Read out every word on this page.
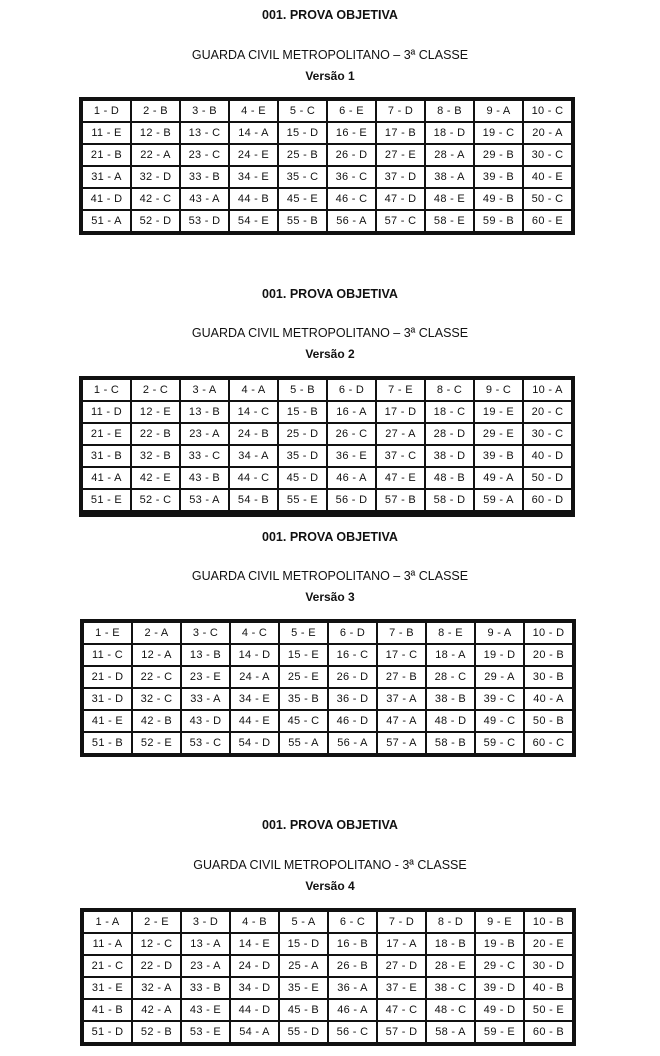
001. PROVA OBJETIVA
GUARDA CIVIL METROPOLITANO – 3ª CLASSE
Versão 1
1 - D	2 - B	3 - B	4 - E	5 - C	6 - E	7 - D	8 - B	9 - A	10 - C
11 - E	12 - B	13 - C	14 - A	15 - D	16 - E	17 - B	18 - D	19 - C	20 - A
21 - B	22 - A	23 - C	24 - E	25 - B	26 - D	27 - E	28 - A	29 - B	30 - C
31 - A	32 - D	33 - B	34 - E	35 - C	36 - C	37 - D	38 - A	39 - B	40 - E
41 - D	42 - C	43 - A	44 - B	45 - E	46 - C	47 - D	48 - E	49 - B	50 - C
51 - A	52 - D	53 - D	54 - E	55 - B	56 - A	57 - C	58 - E	59 - B	60 - E
001. PROVA OBJETIVA
GUARDA CIVIL METROPOLITANO – 3ª CLASSE
Versão 2
1 - C	2 - C	3 - A	4 - A	5 - B	6 - D	7 - E	8 - C	9 - C	10 - A
11 - D	12 - E	13 - B	14 - C	15 - B	16 - A	17 - D	18 - C	19 - E	20 - C
21 - E	22 - B	23 - A	24 - B	25 - D	26 - C	27 - A	28 - D	29 - E	30 - C
31 - B	32 - B	33 - C	34 - A	35 - D	36 - E	37 - C	38 - D	39 - B	40 - D
41 - A	42 - E	43 - B	44 - C	45 - D	46 - A	47 - E	48 - B	49 - A	50 - D
51 - E	52 - C	53 - A	54 - B	55 - E	56 - D	57 - B	58 - D	59 - A	60 - D
001. PROVA OBJETIVA
GUARDA CIVIL METROPOLITANO – 3ª CLASSE
Versão 3
1 - E	2 - A	3 - C	4 - C	5 - E	6 - D	7 - B	8 - E	9 - A	10 - D
11 - C	12 - A	13 - B	14 - D	15 - E	16 - C	17 - C	18 - A	19 - D	20 - B
21 - D	22 - C	23 - E	24 - A	25 - E	26 - D	27 - B	28 - C	29 - A	30 - B
31 - D	32 - C	33 - A	34 - E	35 - B	36 - D	37 - A	38 - B	39 - C	40 - A
41 - E	42 - B	43 - D	44 - E	45 - C	46 - D	47 - A	48 - D	49 - C	50 - B
51 - B	52 - E	53 - C	54 - D	55 - A	56 - A	57 - A	58 - B	59 - C	60 - C
001. PROVA OBJETIVA
GUARDA CIVIL METROPOLITANO - 3ª CLASSE
Versão 4
1 - A	2 - E	3 - D	4 - B	5 - A	6 - C	7 - D	8 - D	9 - E	10 - B
11 - A	12 - C	13 - A	14 - E	15 - D	16 - B	17 - A	18 - B	19 - B	20 - E
21 - C	22 - D	23 - A	24 - D	25 - A	26 - B	27 - D	28 - E	29 - C	30 - D
31 - E	32 - A	33 - B	34 - D	35 - E	36 - A	37 - E	38 - C	39 - D	40 - B
41 - B	42 - A	43 - E	44 - D	45 - B	46 - A	47 - C	48 - C	49 - D	50 - E
51 - D	52 - B	53 - E	54 - A	55 - D	56 - C	57 - D	58 - A	59 - E	60 - B
